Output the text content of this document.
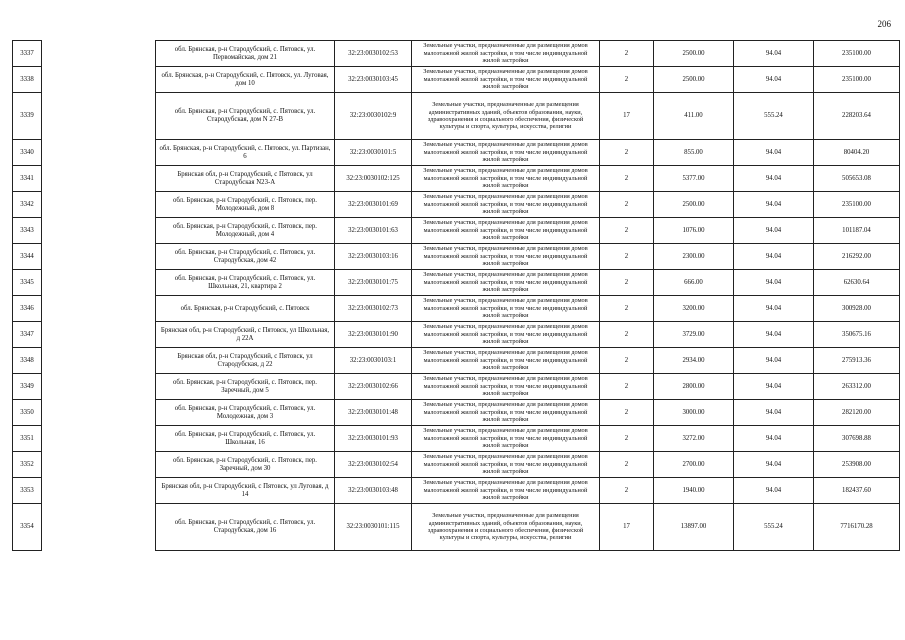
206
3337		обл. Брянская, р-н Стародубский, с. Пятовск, ул. Первомайская, дом 21	32:23:0030102:53	Земельные участки, предназначенные для размещения домов малоэтажной жилой застройки, в том числе индивидуальной жилой застройки	2	2500.00	94.04	235100.00
3338		обл. Брянская, р-н Стародубский, с. Пятовск, ул. Луговая, дом 10	32:23:0030103:45	Земельные участки, предназначенные для размещения домов малоэтажной жилой застройки, в том числе индивидуальной жилой застройки	2	2500.00	94.04	235100.00
3339		обл. Брянская, р-н Стародубский, с. Пятовск, ул. Стародубская, дом N 27-В	32:23:0030102:9	Земельные участки, предназначенные для размещения административных зданий, объектов образования, науки, здравоохранения и социального обеспечения, физической культуры и спорта, культуры, искусства, религии	17	411.00	555.24	228203.64
3340		обл. Брянская, р-н Стародубский, с. Пятовск, ул. Партизан, 6	32:23:0030101:5	Земельные участки, предназначенные для размещения домов малоэтажной жилой застройки, в том числе индивидуальной жилой застройки	2	855.00	94.04	80404.20
3341		Брянская обл, р-н Стародубский, с Пятовск, ул Стародубская N23-А	32:23:0030102:125	Земельные участки, предназначенные для размещения домов малоэтажной жилой застройки, в том числе индивидуальной жилой застройки	2	5377.00	94.04	505653.08
3342		обл. Брянская, р-н Стародубский, с. Пятовск, пер. Молодежный, дом 8	32:23:0030101:69	Земельные участки, предназначенные для размещения домов малоэтажной жилой застройки, в том числе индивидуальной жилой застройки	2	2500.00	94.04	235100.00
3343		обл. Брянская, р-н Стародубский, с. Пятовск, пер. Молодежный, дом 4	32:23:0030101:63	Земельные участки, предназначенные для размещения домов малоэтажной жилой застройки, в том числе индивидуальной жилой застройки	2	1076.00	94.04	101187.04
3344		обл. Брянская, р-н Стародубский, с. Пятовск, ул. Стародубская, дом 42	32:23:0030103:16	Земельные участки, предназначенные для размещения домов малоэтажной жилой застройки, в том числе индивидуальной жилой застройки	2	2300.00	94.04	216292.00
3345		обл. Брянская, р-н Стародубский, с. Пятовск, ул. Школьная, 21, квартира 2	32:23:0030101:75	Земельные участки, предназначенные для размещения домов малоэтажной жилой застройки, в том числе индивидуальной жилой застройки	2	666.00	94.04	62630.64
3346		обл. Брянская, р-н Стародубский, с. Пятовск	32:23:0030102:73	Земельные участки, предназначенные для размещения домов малоэтажной жилой застройки, в том числе индивидуальной жилой застройки	2	3200.00	94.04	300928.00
3347		Брянская обл, р-н Стародубский, с Пятовск, ул Школьная, д 22А	32:23:0030101:90	Земельные участки, предназначенные для размещения домов малоэтажной жилой застройки, в том числе индивидуальной жилой застройки	2	3729.00	94.04	350675.16
3348		Брянская обл, р-н Стародубский, с Пятовск, ул Стародубская, д 22	32:23:0030103:1	Земельные участки, предназначенные для размещения домов малоэтажной жилой застройки, в том числе индивидуальной жилой застройки	2	2934.00	94.04	275913.36
3349		обл. Брянская, р-н Стародубский, с. Пятовск, пер. Заречный, дом 5	32:23:0030102:66	Земельные участки, предназначенные для размещения домов малоэтажной жилой застройки, в том числе индивидуальной жилой застройки	2	2800.00	94.04	263312.00
3350		обл. Брянская, р-н Стародубский, с. Пятовск, ул. Молодежная, дом 3	32:23:0030101:48	Земельные участки, предназначенные для размещения домов малоэтажной жилой застройки, в том числе индивидуальной жилой застройки	2	3000.00	94.04	282120.00
3351		обл. Брянская, р-н Стародубский, с. Пятовск, ул. Школьная, 16	32:23:0030101:93	Земельные участки, предназначенные для размещения домов малоэтажной жилой застройки, в том числе индивидуальной жилой застройки	2	3272.00	94.04	307698.88
3352		обл. Брянская, р-н Стародубский, с. Пятовск, пер. Заречный, дом 30	32:23:0030102:54	Земельные участки, предназначенные для размещения домов малоэтажной жилой застройки, в том числе индивидуальной жилой застройки	2	2700.00	94.04	253908.00
3353		Брянская обл, р-н Стародубский, с Пятовск, ул Луговая, д 14	32:23:0030103:48	Земельные участки, предназначенные для размещения домов малоэтажной жилой застройки, в том числе индивидуальной жилой застройки	2	1940.00	94.04	182437.60
3354		обл. Брянская, р-н Стародубский, с. Пятовск, ул. Стародубская, дом 16	32:23:0030101:115	Земельные участки, предназначенные для размещения административных зданий, объектов образования, науки, здравоохранения и социального обеспечения, физической культуры и спорта, культуры, искусства, религии	17	13897.00	555.24	7716170.28
